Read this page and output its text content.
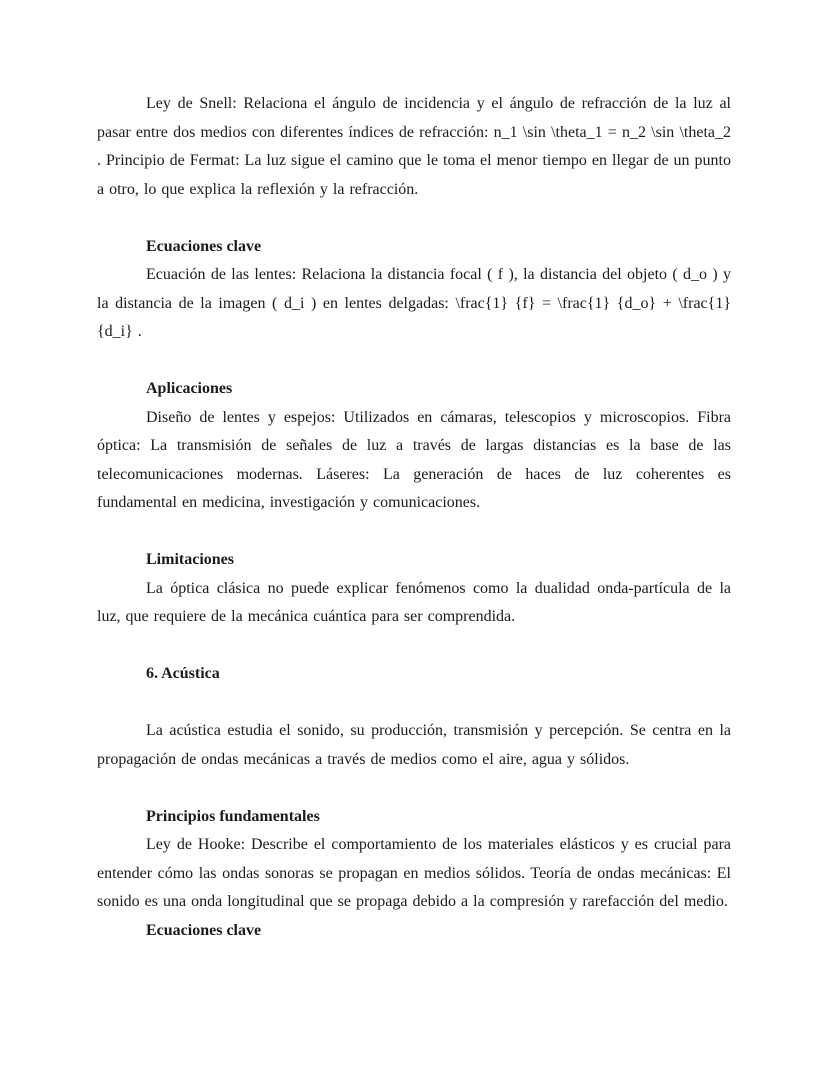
Ley de Snell: Relaciona el ángulo de incidencia y el ángulo de refracción de la luz al pasar entre dos medios con diferentes índices de refracción: n_1 \sin \theta_1 = n_2 \sin \theta_2 . Principio de Fermat: La luz sigue el camino que le toma el menor tiempo en llegar de un punto a otro, lo que explica la reflexión y la refracción.

Ecuaciones clave

Ecuación de las lentes: Relaciona la distancia focal ( f ), la distancia del objeto ( d_o ) y la distancia de la imagen ( d_i ) en lentes delgadas: \frac{1} {f} = \frac{1} {d_o} + \frac{1} {d_i} .

Aplicaciones

Diseño de lentes y espejos: Utilizados en cámaras, telescopios y microscopios. Fibra óptica: La transmisión de señales de luz a través de largas distancias es la base de las telecomunicaciones modernas. Láseres: La generación de haces de luz coherentes es fundamental en medicina, investigación y comunicaciones.

Limitaciones

La óptica clásica no puede explicar fenómenos como la dualidad onda-partícula de la luz, que requiere de la mecánica cuántica para ser comprendida.

6. Acústica

La acústica estudia el sonido, su producción, transmisión y percepción. Se centra en la propagación de ondas mecánicas a través de medios como el aire, agua y sólidos.

Principios fundamentales

Ley de Hooke: Describe el comportamiento de los materiales elásticos y es crucial para entender cómo las ondas sonoras se propagan en medios sólidos. Teoría de ondas mecánicas: El sonido es una onda longitudinal que se propaga debido a la compresión y rarefacción del medio.

Ecuaciones clave
